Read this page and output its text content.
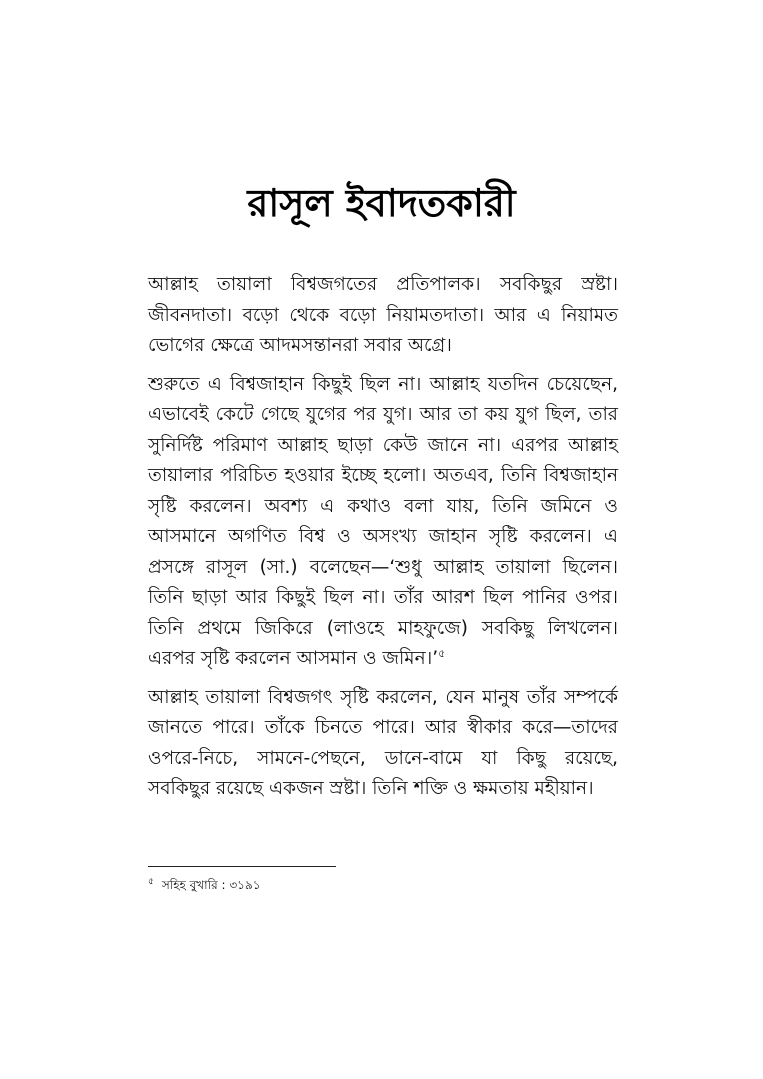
রাসূল ইবাদতকারী

আল্লাহ তায়ালা বিশ্বজগতের প্রতিপালক। সবকিছুর স্রষ্টা। জীবনদাতা। বড়ো থেকে বড়ো নিয়ামতদাতা। আর এ নিয়ামত ভোগের ক্ষেত্রে আদমসন্তানরা সবার অগ্রে।

শুরুতে এ বিশ্বজাহান কিছুই ছিল না। আল্লাহ যতদিন চেয়েছেন, এভাবেই কেটে গেছে যুগের পর যুগ। আর তা কয় যুগ ছিল, তার সুনির্দিষ্ট পরিমাণ আল্লাহ ছাড়া কেউ জানে না। এরপর আল্লাহ তায়ালার পরিচিত হওয়ার ইচ্ছে হলো। অতএব, তিনি বিশ্বজাহান সৃষ্টি করলেন। অবশ্য এ কথাও বলা যায়, তিনি জমিনে ও আসমানে অগণিত বিশ্ব ও অসংখ্য জাহান সৃষ্টি করলেন। এ প্রসঙ্গে রাসূল (সা.) বলেছেন—‘শুধু আল্লাহ তায়ালা ছিলেন। তিনি ছাড়া আর কিছুই ছিল না। তাঁর আরশ ছিল পানির ওপর। তিনি প্রথমে জিকিরে (লাওহে মাহফুজে) সবকিছু লিখলেন। এরপর সৃষ্টি করলেন আসমান ও জমিন।’$^৫$

আল্লাহ তায়ালা বিশ্বজগৎ সৃষ্টি করলেন, যেন মানুষ তাঁর সম্পর্কে জানতে পারে। তাঁকে চিনতে পারে। আর স্বীকার করে—তাদের ওপরে-নিচে, সামনে-পেছনে, ডানে-বামে যা কিছু রয়েছে, সবকিছুর রয়েছে একজন স্রষ্টা। তিনি শক্তি ও ক্ষমতায় মহীয়ান।

$^৫$ সহিহ বুখারি : ৩১৯১
